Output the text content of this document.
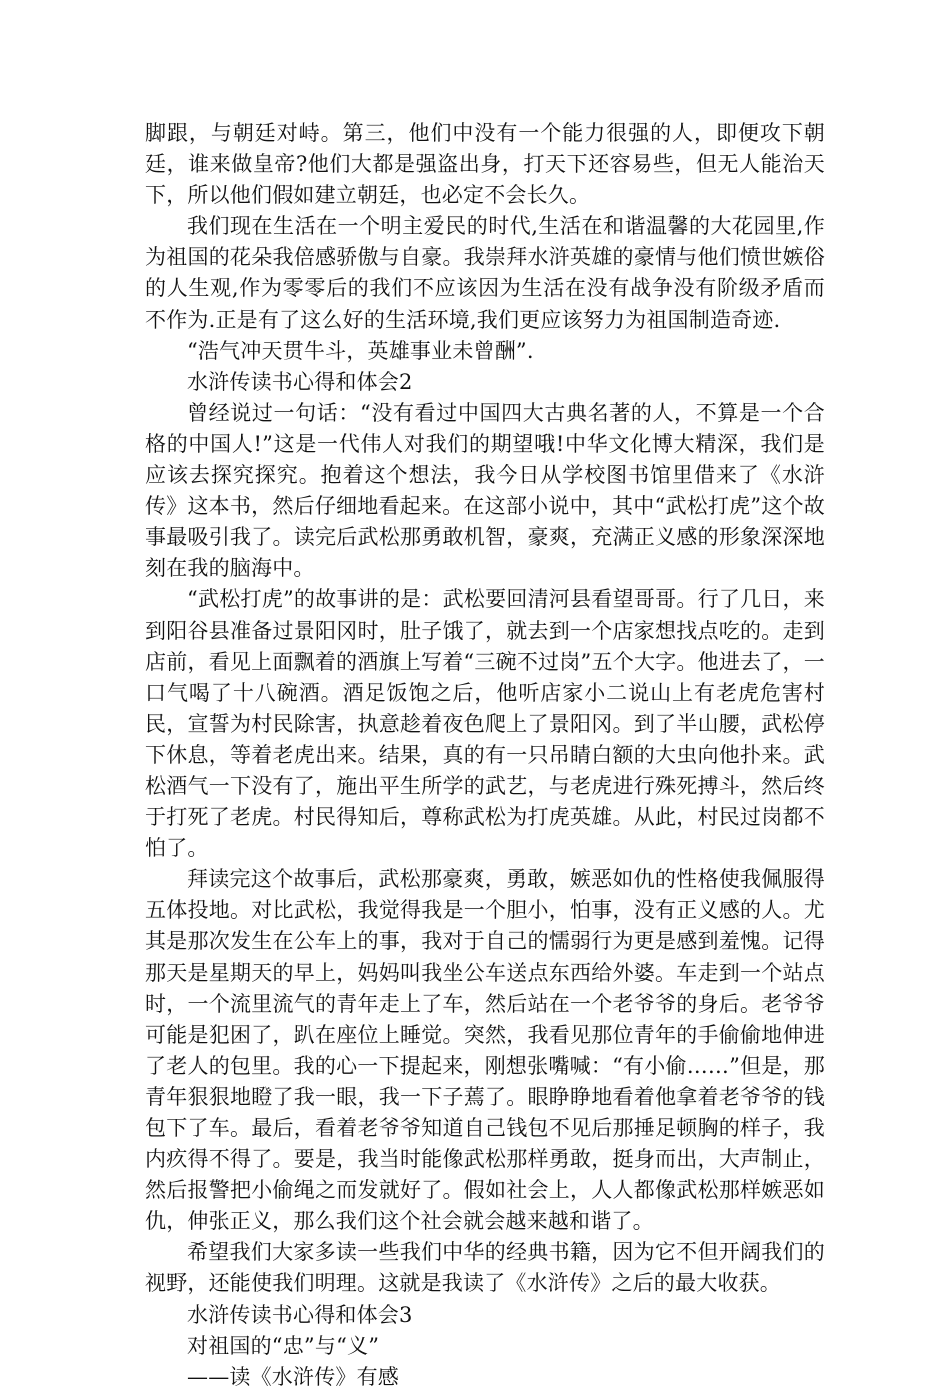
脚跟，与朝廷对峙。第三，他们中没有一个能力很强的人，即便攻下朝廷，谁来做皇帝?他们大都是强盗出身，打天下还容易些，但无人能治天下，所以他们假如建立朝廷，也必定不会长久。

我们现在生活在一个明主爱民的时代,生活在和谐温馨的大花园里,作为祖国的花朵我倍感骄傲与自豪。我崇拜水浒英雄的豪情与他们愤世嫉俗的人生观,作为零零后的我们不应该因为生活在没有战争没有阶级矛盾而不作为.正是有了这么好的生活环境,我们更应该努力为祖国制造奇迹.

“浩气冲天贯牛斗，英雄事业未曾酬”.

水浒传读书心得和体会2

曾经说过一句话：“没有看过中国四大古典名著的人，不算是一个合格的中国人!”这是一代伟人对我们的期望哦!中华文化博大精深，我们是应该去探究探究。抱着这个想法，我今日从学校图书馆里借来了《水浒传》这本书，然后仔细地看起来。在这部小说中，其中“武松打虎”这个故事最吸引我了。读完后武松那勇敢机智，豪爽，充满正义感的形象深深地刻在我的脑海中。

“武松打虎”的故事讲的是：武松要回清河县看望哥哥。行了几日，来到阳谷县准备过景阳冈时，肚子饿了，就去到一个店家想找点吃的。走到店前，看见上面飘着的酒旗上写着“三碗不过岗”五个大字。他进去了，一口气喝了十八碗酒。酒足饭饱之后，他听店家小二说山上有老虎危害村民，宣誓为村民除害，执意趁着夜色爬上了景阳冈。到了半山腰，武松停下休息，等着老虎出来。结果，真的有一只吊睛白额的大虫向他扑来。武松酒气一下没有了，施出平生所学的武艺，与老虎进行殊死搏斗，然后终于打死了老虎。村民得知后，尊称武松为打虎英雄。从此，村民过岗都不怕了。

拜读完这个故事后，武松那豪爽，勇敢，嫉恶如仇的性格使我佩服得五体投地。对比武松，我觉得我是一个胆小，怕事，没有正义感的人。尤其是那次发生在公车上的事，我对于自己的懦弱行为更是感到羞愧。记得那天是星期天的早上，妈妈叫我坐公车送点东西给外婆。车走到一个站点时，一个流里流气的青年走上了车，然后站在一个老爷爷的身后。老爷爷可能是犯困了，趴在座位上睡觉。突然，我看见那位青年的手偷偷地伸进了老人的包里。我的心一下提起来，刚想张嘴喊：“有小偷……”但是，那青年狠狠地瞪了我一眼，我一下子蔫了。眼睁睁地看着他拿着老爷爷的钱包下了车。最后，看着老爷爷知道自己钱包不见后那捶足顿胸的样子，我内疚得不得了。要是，我当时能像武松那样勇敢，挺身而出，大声制止，然后报警把小偷绳之而发就好了。假如社会上，人人都像武松那样嫉恶如仇，伸张正义，那么我们这个社会就会越来越和谐了。

希望我们大家多读一些我们中华的经典书籍，因为它不但开阔我们的视野，还能使我们明理。这就是我读了《水浒传》之后的最大收获。

水浒传读书心得和体会3

对祖国的“忠”与“义”

——读《水浒传》有感
